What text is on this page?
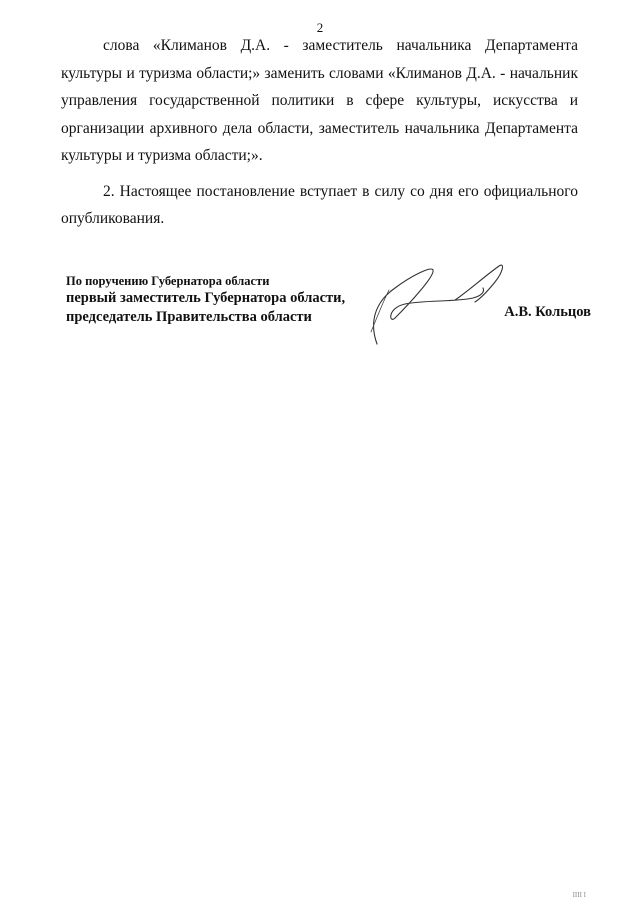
2

слова «Климанов Д.А. - заместитель начальника Департамента культуры и туризма области;» заменить словами «Климанов Д.А. - начальник управления государственной политики в сфере культуры, искусства и организации архивного дела области, заместитель начальника Департамента культуры и туризма области;».

2. Настоящее постановление вступает в силу со дня его официального опубликования.

По поручению Губернатора области
первый заместитель Губернатора области,
председатель Правительства области	А.В. Кольцов
ІІІІ І
